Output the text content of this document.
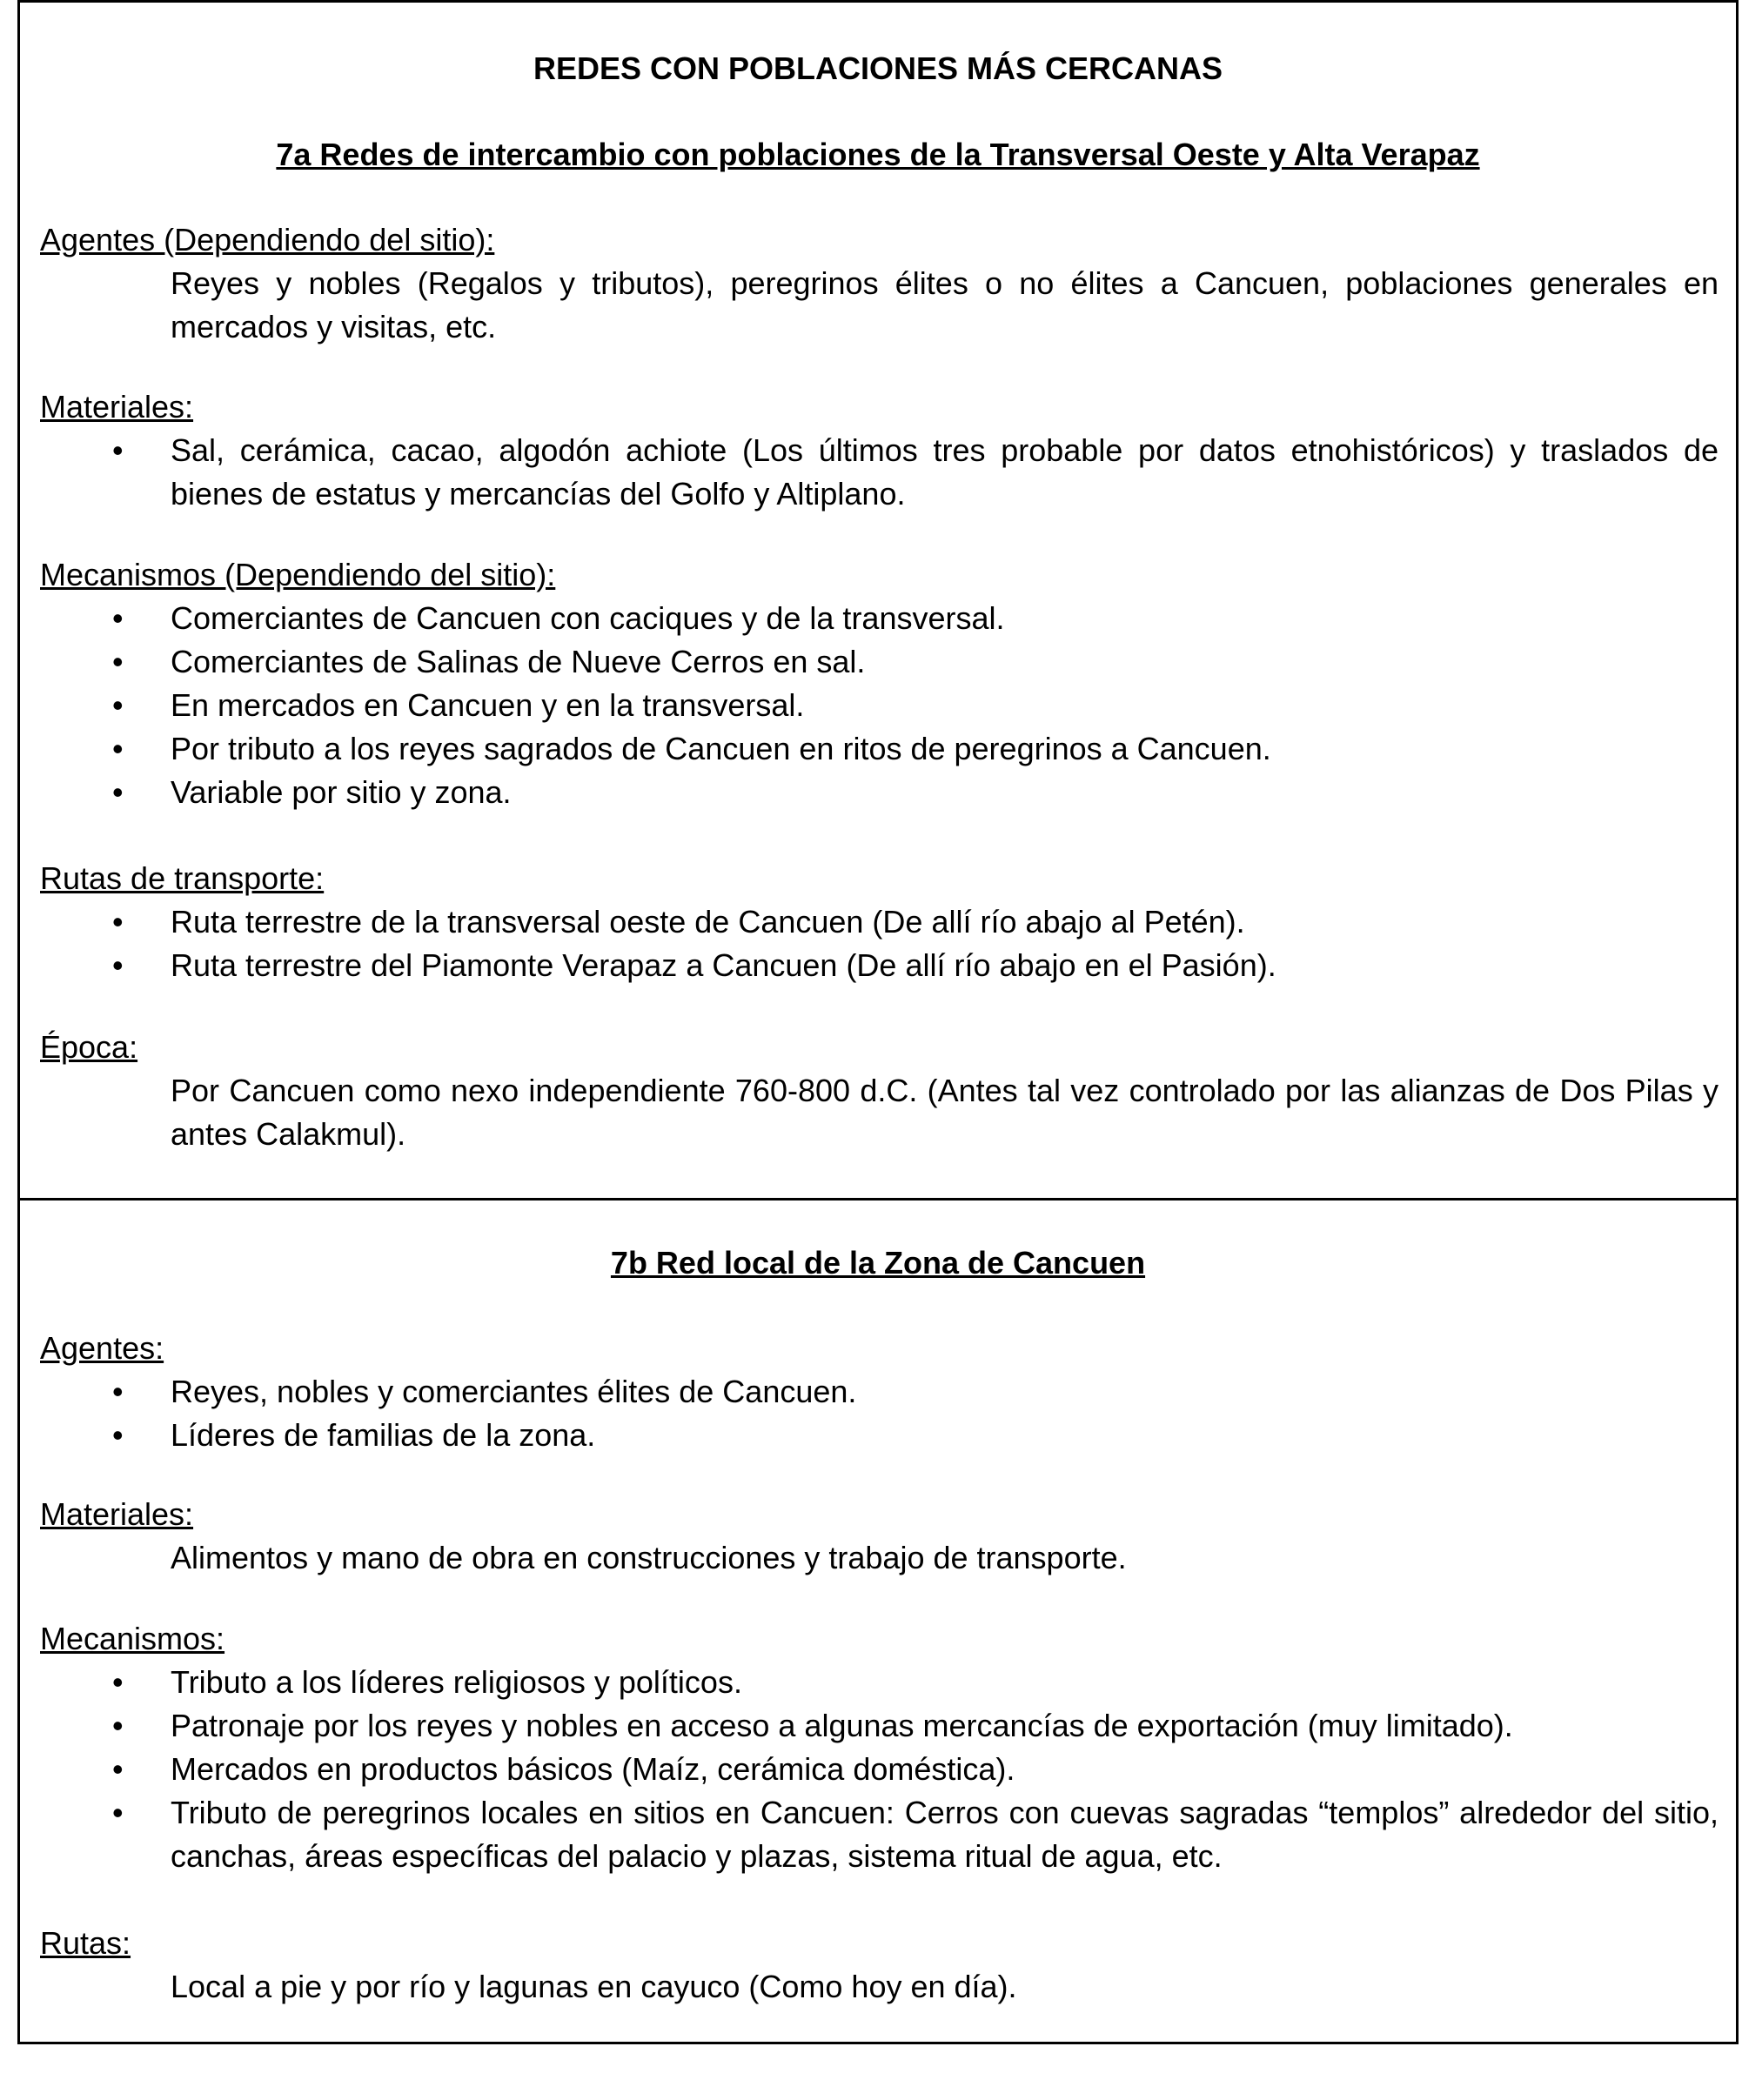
REDES CON POBLACIONES MÁS CERCANAS
7a Redes de intercambio con poblaciones de la Transversal Oeste y Alta Verapaz
Agentes (Dependiendo del sitio):
Reyes y nobles (Regalos y tributos), peregrinos élites o no élites a Cancuen, poblaciones generales en mercados y visitas, etc.
Materiales:
• Sal, cerámica, cacao, algodón achiote (Los últimos tres probable por datos etnohistóricos) y traslados de bienes de estatus y mercancías del Golfo y Altiplano.
Mecanismos (Dependiendo del sitio):
• Comerciantes de Cancuen con caciques y de la transversal.
• Comerciantes de Salinas de Nueve Cerros en sal.
• En mercados en Cancuen y en la transversal.
• Por tributo a los reyes sagrados de Cancuen en ritos de peregrinos a Cancuen.
• Variable por sitio y zona.
Rutas de transporte:
• Ruta terrestre de la transversal oeste de Cancuen (De allí río abajo al Petén).
• Ruta terrestre del Piamonte Verapaz a Cancuen (De allí río abajo en el Pasión).
Época:
Por Cancuen como nexo independiente 760-800 d.C. (Antes tal vez controlado por las alianzas de Dos Pilas y antes Calakmul).
7b Red local de la Zona de Cancuen
Agentes:
• Reyes, nobles y comerciantes élites de Cancuen.
• Líderes de familias de la zona.
Materiales:
Alimentos y mano de obra en construcciones y trabajo de transporte.
Mecanismos:
• Tributo a los líderes religiosos y políticos.
• Patronaje por los reyes y nobles en acceso a algunas mercancías de exportación (muy limitado).
• Mercados en productos básicos (Maíz, cerámica doméstica).
• Tributo de peregrinos locales en sitios en Cancuen: Cerros con cuevas sagradas “templos” alrededor del sitio, canchas, áreas específicas del palacio y plazas, sistema ritual de agua, etc.
Rutas:
Local a pie y por río y lagunas en cayuco (Como hoy en día).
